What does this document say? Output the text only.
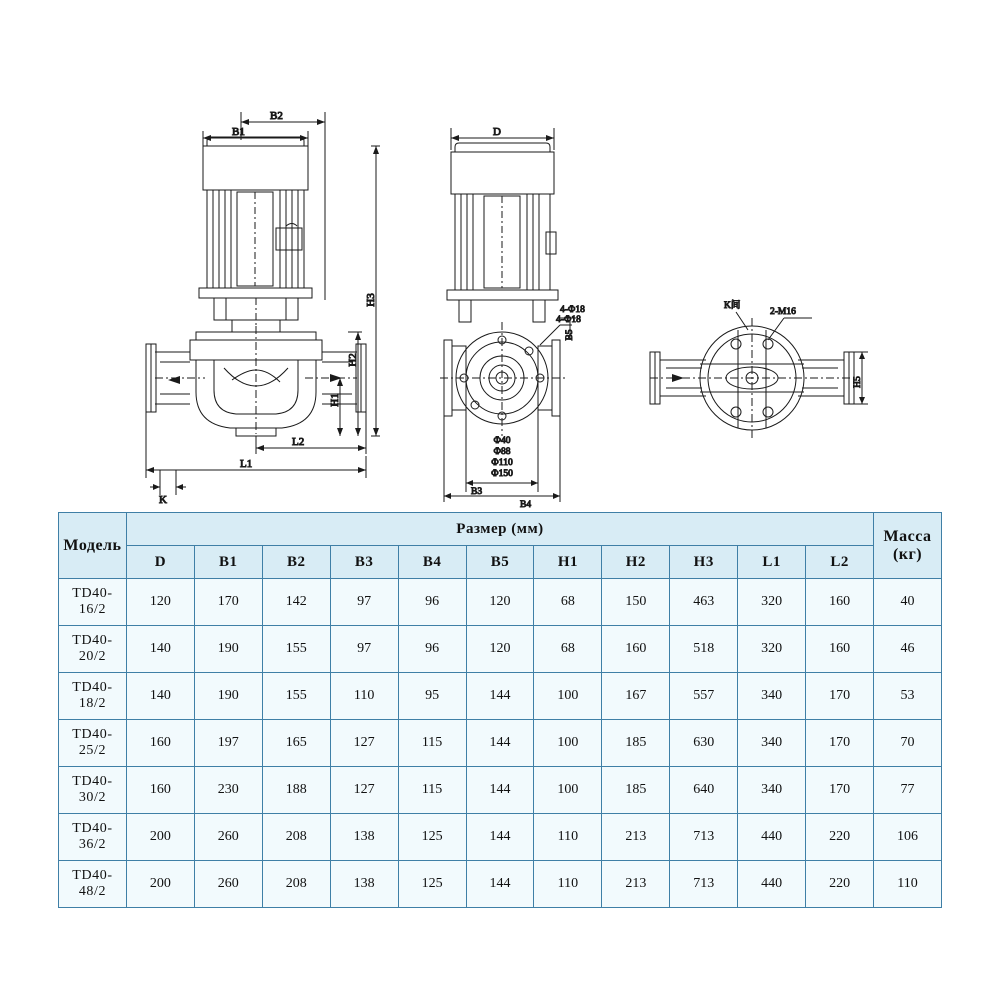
B1
B2
H3
H2
H1
L2
L1
K
D
4-Ф18
4-Ф18
Ф40
Ф88
Ф110
Ф150
B3
B4
B5
K间
2-M16
H5
Модель	Размер (мм)											Масса
(кг)

	D	B1	B2	B3	B4	B5	H1	H2	H3	L1	L2	
TD40-16/2	120	170	142	97	96	120	68	150	463	320	160	40
TD40-20/2	140	190	155	97	96	120	68	160	518	320	160	46
TD40-18/2	140	190	155	110	95	144	100	167	557	340	170	53
TD40-25/2	160	197	165	127	115	144	100	185	630	340	170	70
TD40-30/2	160	230	188	127	115	144	100	185	640	340	170	77
TD40-36/2	200	260	208	138	125	144	110	213	713	440	220	106
TD40-48/2	200	260	208	138	125	144	110	213	713	440	220	110
